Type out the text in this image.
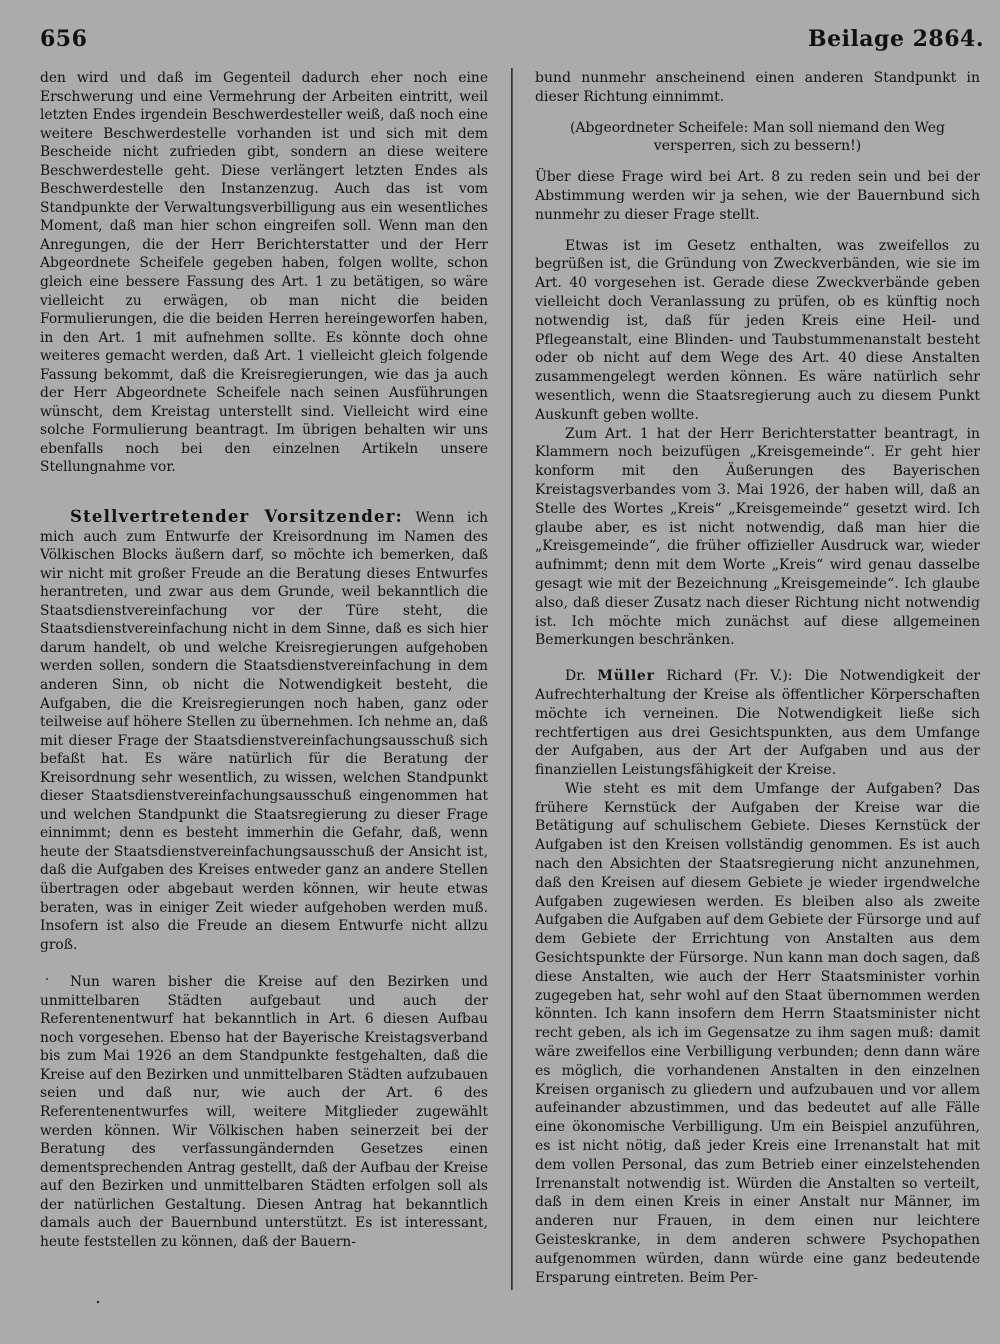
656	Beilage 2864.

den wird und daß im Gegenteil dadurch eher noch eine Erschwerung und eine Vermehrung der Arbeiten eintritt, weil letzten Endes irgendein Beschwerdesteller weiß, daß noch eine weitere Beschwerdestelle vorhanden ist und sich mit dem Bescheide nicht zufrieden gibt, sondern an diese weitere Beschwerdestelle geht. Diese verlängert letzten Endes als Beschwerdestelle den Instanzenzug. Auch das ist vom Standpunkte der Verwaltungsverbilligung aus ein wesentliches Moment, daß man hier schon eingreifen soll. Wenn man den Anregungen, die der Herr Berichterstatter und der Herr Abgeordnete Scheifele gegeben haben, folgen wollte, schon gleich eine bessere Fassung des Art. 1 zu betätigen, so wäre vielleicht zu erwägen, ob man nicht die beiden Formulierungen, die die beiden Herren hereingeworfen haben, in den Art. 1 mit aufnehmen sollte. Es könnte doch ohne weiteres gemacht werden, daß Art. 1 vielleicht gleich folgende Fassung bekommt, daß die Kreisregierungen, wie das ja auch der Herr Abgeordnete Scheifele nach seinen Ausführungen wünscht, dem Kreistag unterstellt sind. Vielleicht wird eine solche Formulierung beantragt. Im übrigen behalten wir uns ebenfalls noch bei den einzelnen Artikeln unsere Stellungnahme vor.

Stellvertretender Vorsitzender: Wenn ich mich auch zum Entwurfe der Kreisordnung im Namen des Völkischen Blocks äußern darf, so möchte ich bemerken, daß wir nicht mit großer Freude an die Beratung dieses Entwurfes herantreten, und zwar aus dem Grunde, weil bekanntlich die Staatsdienstvereinfachung vor der Türe steht, die Staatsdienstvereinfachung nicht in dem Sinne, daß es sich hier darum handelt, ob und welche Kreisregierungen aufgehoben werden sollen, sondern die Staatsdienstvereinfachung in dem anderen Sinn, ob nicht die Notwendigkeit besteht, die Aufgaben, die die Kreisregierungen noch haben, ganz oder teilweise auf höhere Stellen zu übernehmen. Ich nehme an, daß mit dieser Frage der Staatsdienstvereinfachungsausschuß sich befaßt hat. Es wäre natürlich für die Beratung der Kreisordnung sehr wesentlich, zu wissen, welchen Standpunkt dieser Staatsdienstvereinfachungsausschuß eingenommen hat und welchen Standpunkt die Staatsregierung zu dieser Frage einnimmt; denn es besteht immerhin die Gefahr, daß, wenn heute der Staatsdienstvereinfachungsausschuß der Ansicht ist, daß die Aufgaben des Kreises entweder ganz an andere Stellen übertragen oder abgebaut werden können, wir heute etwas beraten, was in einiger Zeit wieder aufgehoben werden muß. Insofern ist also die Freude an diesem Entwurfe nicht allzu groß.

Nun waren bisher die Kreise auf den Bezirken und unmittelbaren Städten aufgebaut und auch der Referentenentwurf hat bekanntlich in Art. 6 diesen Aufbau noch vorgesehen. Ebenso hat der Bayerische Kreistagsverband bis zum Mai 1926 an dem Standpunkte festgehalten, daß die Kreise auf den Bezirken und unmittelbaren Städten aufzubauen seien und daß nur, wie auch der Art. 6 des Referentenentwurfes will, weitere Mitglieder zugewählt werden können. Wir Völkischen haben seinerzeit bei der Beratung des verfassungändernden Gesetzes einen dementsprechenden Antrag gestellt, daß der Aufbau der Kreise auf den Bezirken und unmittelbaren Städten erfolgen soll als der natürlichen Gestaltung. Diesen Antrag hat bekanntlich damals auch der Bauernbund unterstützt. Es ist interessant, heute feststellen zu können, daß der Bauern-

bund nunmehr anscheinend einen anderen Standpunkt in dieser Richtung einnimmt.

(Abgeordneter Scheifele: Man soll niemand den Weg versperren, sich zu bessern!)

Über diese Frage wird bei Art. 8 zu reden sein und bei der Abstimmung werden wir ja sehen, wie der Bauernbund sich nunmehr zu dieser Frage stellt.

Etwas ist im Gesetz enthalten, was zweifellos zu begrüßen ist, die Gründung von Zweckverbänden, wie sie im Art. 40 vorgesehen ist. Gerade diese Zweckverbände geben vielleicht doch Veranlassung zu prüfen, ob es künftig noch notwendig ist, daß für jeden Kreis eine Heil- und Pflegeanstalt, eine Blinden- und Taubstummenanstalt besteht oder ob nicht auf dem Wege des Art. 40 diese Anstalten zusammengelegt werden können. Es wäre natürlich sehr wesentlich, wenn die Staatsregierung auch zu diesem Punkt Auskunft geben wollte.

Zum Art. 1 hat der Herr Berichterstatter beantragt, in Klammern noch beizufügen „Kreisgemeinde“. Er geht hier konform mit den Äußerungen des Bayerischen Kreistagsverbandes vom 3. Mai 1926, der haben will, daß an Stelle des Wortes „Kreis“ „Kreisgemeinde“ gesetzt wird. Ich glaube aber, es ist nicht notwendig, daß man hier die „Kreisgemeinde“, die früher offizieller Ausdruck war, wieder aufnimmt; denn mit dem Worte „Kreis“ wird genau dasselbe gesagt wie mit der Bezeichnung „Kreisgemeinde“. Ich glaube also, daß dieser Zusatz nach dieser Richtung nicht notwendig ist. Ich möchte mich zunächst auf diese allgemeinen Bemerkungen beschränken.

Dr. Müller Richard (Fr. V.): Die Notwendigkeit der Aufrechterhaltung der Kreise als öffentlicher Körperschaften möchte ich verneinen. Die Notwendigkeit ließe sich rechtfertigen aus drei Gesichtspunkten, aus dem Umfange der Aufgaben, aus der Art der Aufgaben und aus der finanziellen Leistungsfähigkeit der Kreise.

Wie steht es mit dem Umfange der Aufgaben? Das frühere Kernstück der Aufgaben der Kreise war die Betätigung auf schulischem Gebiete. Dieses Kernstück der Aufgaben ist den Kreisen vollständig genommen. Es ist auch nach den Absichten der Staatsregierung nicht anzunehmen, daß den Kreisen auf diesem Gebiete je wieder irgendwelche Aufgaben zugewiesen werden. Es bleiben also als zweite Aufgaben die Aufgaben auf dem Gebiete der Fürsorge und auf dem Gebiete der Errichtung von Anstalten aus dem Gesichtspunkte der Fürsorge. Nun kann man doch sagen, daß diese Anstalten, wie auch der Herr Staatsminister vorhin zugegeben hat, sehr wohl auf den Staat übernommen werden könnten. Ich kann insofern dem Herrn Staatsminister nicht recht geben, als ich im Gegensatze zu ihm sagen muß: damit wäre zweifellos eine Verbilligung verbunden; denn dann wäre es möglich, die vorhandenen Anstalten in den einzelnen Kreisen organisch zu gliedern und aufzubauen und vor allem aufeinander abzustimmen, und das bedeutet auf alle Fälle eine ökonomische Verbilligung. Um ein Beispiel anzuführen, es ist nicht nötig, daß jeder Kreis eine Irrenanstalt hat mit dem vollen Personal, das zum Betrieb einer einzelstehenden Irrenanstalt notwendig ist. Würden die Anstalten so verteilt, daß in dem einen Kreis in einer Anstalt nur Männer, im anderen nur Frauen, in dem einen nur leichtere Geisteskranke, in dem anderen schwere Psychopathen aufgenommen würden, dann würde eine ganz bedeutende Ersparung eintreten. Beim Per-
